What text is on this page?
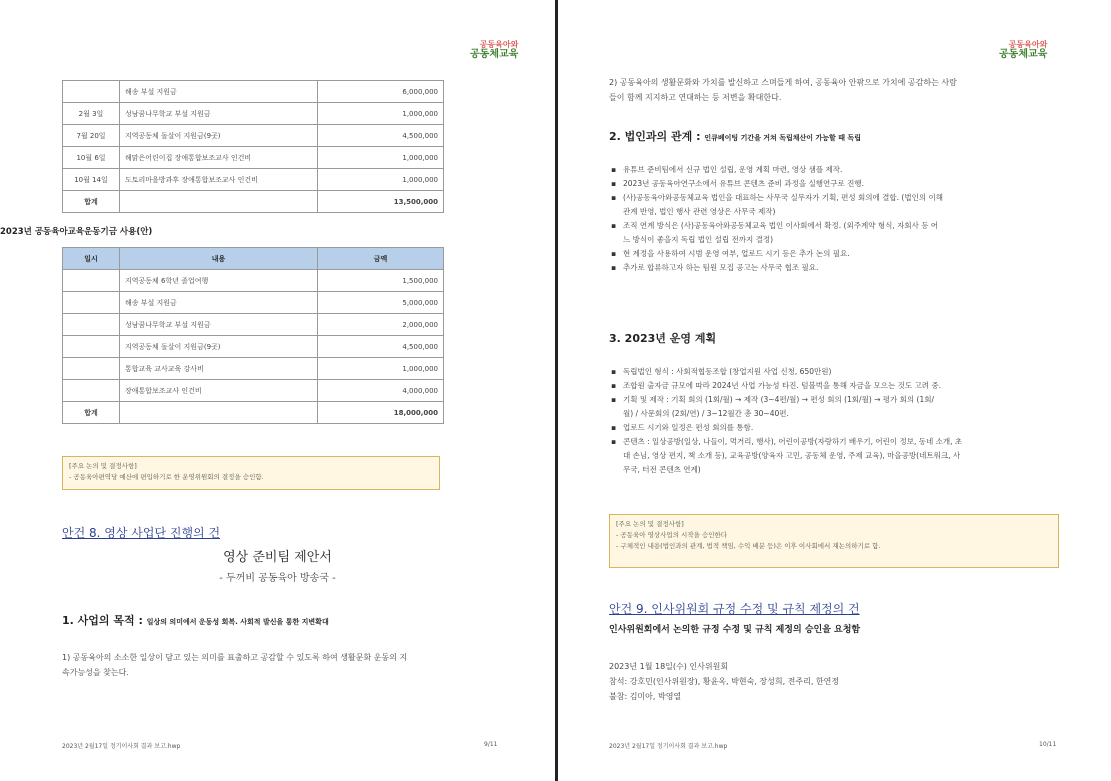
공동육아와
공동체교육
	해송 부설 지원금	6,000,000
2월 3일	성남꿈나무학교 부설 지원금	1,000,000
7월 20일	지역공동체 돌살이 지원금(9곳)	4,500,000
10월 6일	해맑은어린이집 장애통합보조교사 인건비	1,000,000
10월 14일	도토리마을방과후 장애통합보조교사 인건비	1,000,000
합계		13,500,000
2023년 공동육아교육운동기금 사용(안)
일시	내용	금액
	지역공동체 6학년 졸업여행	1,500,000
	해송 부설 지원금	5,000,000
	성남꿈나무학교 부설 지원금	2,000,000
	지역공동체 돌살이 지원금(9곳)	4,500,000
	통합교육 교사교육 강사비	1,000,000
	장애통합보조교사 인건비	4,000,000
합계		18,000,000
[주요 논의 및 결정사항]
- 공동육아편역당 예산에 편입하기로 한 운영위원회의 결정을 승인함.
안건 8. 영상 사업단 진행의 건
영상 준비팀 제안서
- 두꺼비 공동육아 방송국 -
1. 사업의 목적 : 일상의 의미에서 운동성 회복. 사회적 발신을 통한 지변확대
1) 공동육아의 소소한 일상이 담고 있는 의미를 표출하고 공감할 수 있도록 하여 생활문화 운동의 지
속가능성을 찾는다.
2023년 2월17일 정기이사회 결과 보고.hwp	9/11
공동육아와
공동체교육
2) 공동육아의 생활문화와 가치를 발신하고 스며들게 하여, 공동육아 안팎으로 가치에 공감하는 사람
들이 함께 지지하고 연대하는 등 저변을 확대한다.
2. 법인과의 관계 : 인큐베이팅 기간을 거쳐 독립채산이 가능할 때 독립
▪ 유튜브 준비팀에서 신규 법인 설립, 운영 계획 마련, 영상 샘플 제작.
▪ 2023년 공동육아연구소에서 유튜브 콘텐츠 준비 과정을 실행연구로 진행.
▪ (사)공동육아와공동체교육 법인을 대표하는 사무국 실무자가 기획, 편성 회의에 결합. (법인의 이해
관계 반영, 법인 행사 관련 영상은 사무국 제작)
▪ 조직 연계 방식은 (사)공동육아와공동체교육 법인 이사회에서 확정. (외주계약 형식, 자회사 등 어
느 방식이 좋을지 독립 법인 설립 전까지 결정)
▪ 현 계정을 사용하여 시범 운영 여부, 업로드 시기 등은 추가 논의 필요.
▪ 추가로 합류하고자 하는 팀원 모집 공고는 사무국 협조 필요.
3. 2023년 운영 계획
▪ 독립법인 형식 : 사회적협동조합 (창업지원 사업 신청, 650만원)
▪ 조합원 출자금 규모에 따라 2024년 사업 가능성 타진. 텀블벅을 통해 자금을 모으는 것도 고려 중.
▪ 기획 및 제작 : 기획 회의 (1회/월) → 제작 (3~4편/월) → 편성 회의 (1회/월) → 평가 회의 (1회/
월) / 사문회의 (2회/연) / 3~12월간 총 30~40편.
▪ 업로드 시기와 일정은 편성 회의를 통함.
▪ 콘텐츠 : 일상공방(일상, 나들이, 먹거리, 행사), 어린이공방(자랑하기 배우기, 어린이 정보, 동네 소개, 초
대 손님, 영상 편지, 책 소개 등), 교육공방(양육자 고민, 공동체 운영, 주제 교육), 마을공방(네트워크, 사
무국, 터전 콘텐츠 연계)
[주요 논의 및 결정사항]
- 공동육아 영상사업의 시작을 승인한다
- 구체적인 내용(법인과의 관계, 법적 책임, 수익 배분 등)은 이후 이사회에서 재논의하기로 함.
안건 9. 인사위원회 규정 수정 및 규칙 제정의 건
인사위원회에서 논의한 규정 수정 및 규칙 제정의 승인을 요청함
2023년 1월 18일(수) 인사위원회
참석: 강호민(인사위원장), 황윤옥, 박현숙, 장성희, 전주리, 한연정
불참: 김미아, 박영열
2023년 2월17일 정기이사회 결과 보고.hwp	10/11
